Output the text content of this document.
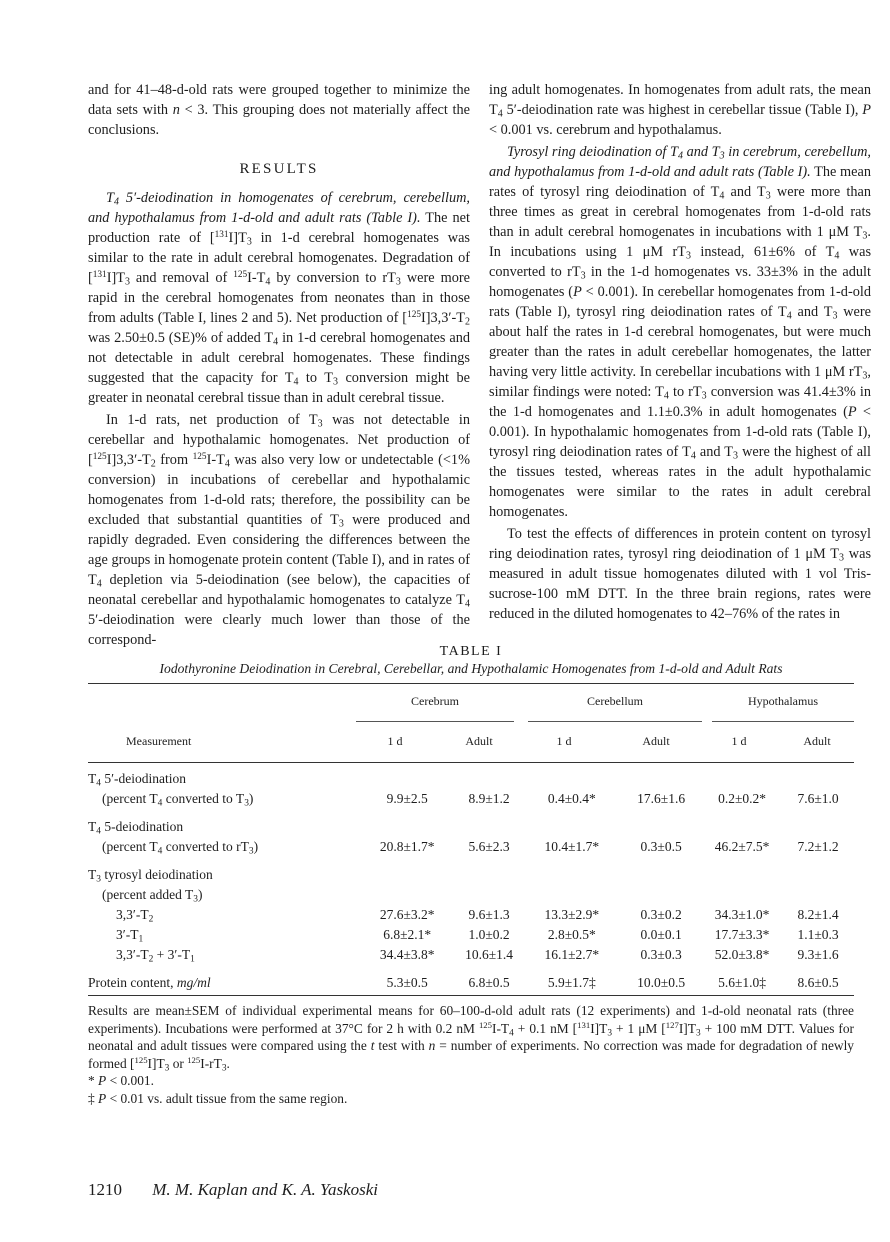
and for 41–48-d-old rats were grouped together to minimize the data sets with n < 3. This grouping does not materially affect the conclusions.

RESULTS

$T_4$ 5′-deiodination in homogenates of cerebrum, cerebellum, and hypothalamus from 1-d-old and adult rats (Table I). The net production rate of $[^{131}I]T_3$ in 1-d cerebral homogenates was similar to the rate in adult cerebral homogenates. Degradation of $[^{131}I]T_3$ and removal of $^{125}I-T_4$ by conversion to $rT_3$ were more rapid in the cerebral homogenates from neonates than in those from adults (Table I, lines 2 and 5). Net production of $[^{125}I]3,3'-T_2$ was 2.50±0.5 (SE)% of added $T_4$ in 1-d cerebral homogenates and not detectable in adult cerebral homogenates. These findings suggested that the capacity for $T_4$ to $T_3$ conversion might be greater in neonatal cerebral tissue than in adult cerebral tissue.

In 1-d rats, net production of $T_3$ was not detectable in cerebellar and hypothalamic homogenates. Net production of $[^{125}I]3,3'-T_2$ from $^{125}I-T_4$ was also very low or undetectable (<1% conversion) in incubations of cerebellar and hypothalamic homogenates from 1-d-old rats; therefore, the possibility can be excluded that substantial quantities of $T_3$ were produced and rapidly degraded. Even considering the differences between the age groups in homogenate protein content (Table I), and in rates of $T_4$ depletion via 5-deiodination (see below), the capacities of neonatal cerebellar and hypothalamic homogenates to catalyze $T_4$ 5′-deiodination were clearly much lower than those of the correspond-

ing adult homogenates. In homogenates from adult rats, the mean $T_4$ 5′-deiodination rate was highest in cerebellar tissue (Table I), P < 0.001 vs. cerebrum and hypothalamus.

Tyrosyl ring deiodination of $T_4$ and $T_3$ in cerebrum, cerebellum, and hypothalamus from 1-d-old and adult rats (Table I). The mean rates of tyrosyl ring deiodination of $T_4$ and $T_3$ were more than three times as great in cerebral homogenates from 1-d-old rats than in adult cerebral homogenates in incubations with 1 μM $T_3$. In incubations using 1 μM $rT_3$ instead, 61±6% of $T_4$ was converted to $rT_3$ in the 1-d homogenates vs. 33±3% in the adult homogenates (P < 0.001). In cerebellar homogenates from 1-d-old rats (Table I), tyrosyl ring deiodination rates of $T_4$ and $T_3$ were about half the rates in 1-d cerebral homogenates, but were much greater than the rates in adult cerebellar homogenates, the latter having very little activity. In cerebellar incubations with 1 μM $rT_3$, similar findings were noted: $T_4$ to $rT_3$ conversion was 41.4±3% in the 1-d homogenates and 1.1±0.3% in adult homogenates (P < 0.001). In hypothalamic homogenates from 1-d-old rats (Table I), tyrosyl ring deiodination rates of $T_4$ and $T_3$ were the highest of all the tissues tested, whereas rates in the adult hypothalamic homogenates were similar to the rates in adult cerebral homogenates.

To test the effects of differences in protein content on tyrosyl ring deiodination rates, tyrosyl ring deiodination of 1 μM $T_3$ was measured in adult tissue homogenates diluted with 1 vol Tris-sucrose-100 mM DTT. In the three brain regions, rates were reduced in the diluted homogenates to 42–76% of the rates in

TABLE I
Iodothyronine Deiodination in Cerebral, Cerebellar, and Hypothalamic Homogenates from 1-d-old and Adult Rats
Cerebrum	Cerebellum	Hypothalamus
Measurement	1 d	Adult	1 d	Adult	1 d	Adult

$T_4$ 5′-deiodination						
(percent $T_4$ converted to $T_3$)	9.9±2.5	8.9±1.2	0.4±0.4*	17.6±1.6	0.2±0.2*	7.6±1.0

$T_4$ 5-deiodination						
(percent $T_4$ converted to $rT_3$)	20.8±1.7*	5.6±2.3	10.4±1.7*	0.3±0.5	46.2±7.5*	7.2±1.2

$T_3$ tyrosyl deiodination						
(percent added $T_3$)						
$3,3'-T_2$	27.6±3.2*	9.6±1.3	13.3±2.9*	0.3±0.2	34.3±1.0*	8.2±1.4
$3'-T_1$	6.8±2.1*	1.0±0.2	2.8±0.5*	0.0±0.1	17.7±3.3*	1.1±0.3
$3,3'-T_2 + 3'-T_1$	34.4±3.8*	10.6±1.4	16.1±2.7*	0.3±0.3	52.0±3.8*	9.3±1.6

Protein content, mg/ml	5.3±0.5	6.8±0.5	5.9±1.7‡	10.0±0.5	5.6±1.0‡	8.6±0.5

Results are mean±SEM of individual experimental means for 60–100-d-old adult rats (12 experiments) and 1-d-old neonatal rats (three experiments). Incubations were performed at 37°C for 2 h with 0.2 nM $^{125}I-T_4 + 0.1$ nM $[^{131}I]T_3 + 1$ μM $[^{127}I]T_3 + 100$ mM DTT. Values for neonatal and adult tissues were compared using the t test with n = number of experiments. No correction was made for degradation of newly formed $[^{125}I]T_3$ or $^{125}I-rT_3$.

* P < 0.001.

‡ P < 0.01 vs. adult tissue from the same region.

1210 M. M. Kaplan and K. A. Yaskoski
